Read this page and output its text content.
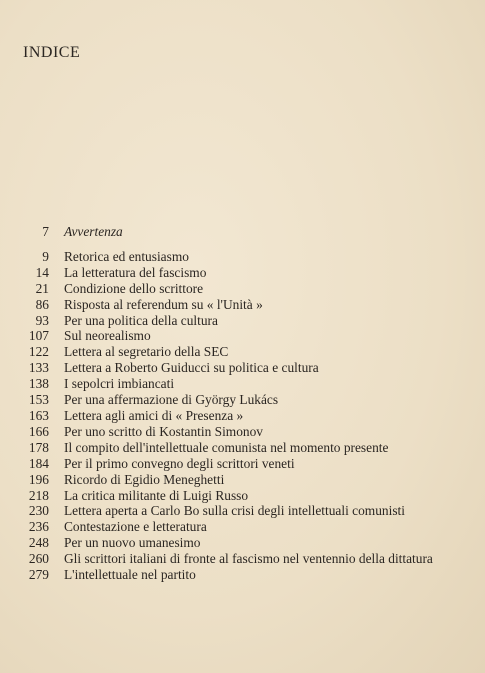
INDICE
7 Avvertenza
9 Retorica ed entusiasmo
14 La letteratura del fascismo
21 Condizione dello scrittore
86 Risposta al referendum su « l'Unità »
93 Per una politica della cultura
107 Sul neorealismo
122 Lettera al segretario della SEC
133 Lettera a Roberto Guiducci su politica e cultura
138 I sepolcri imbiancati
153 Per una affermazione di György Lukács
163 Lettera agli amici di « Presenza »
166 Per uno scritto di Kostantin Simonov
178 Il compito dell'intellettuale comunista nel momento presente
184 Per il primo convegno degli scrittori veneti
196 Ricordo di Egidio Meneghetti
218 La critica militante di Luigi Russo
230 Lettera aperta a Carlo Bo sulla crisi degli intellettuali comunisti
236 Contestazione e letteratura
248 Per un nuovo umanesimo
260 Gli scrittori italiani di fronte al fascismo nel ventennio della dittatura
279 L'intellettuale nel partito
